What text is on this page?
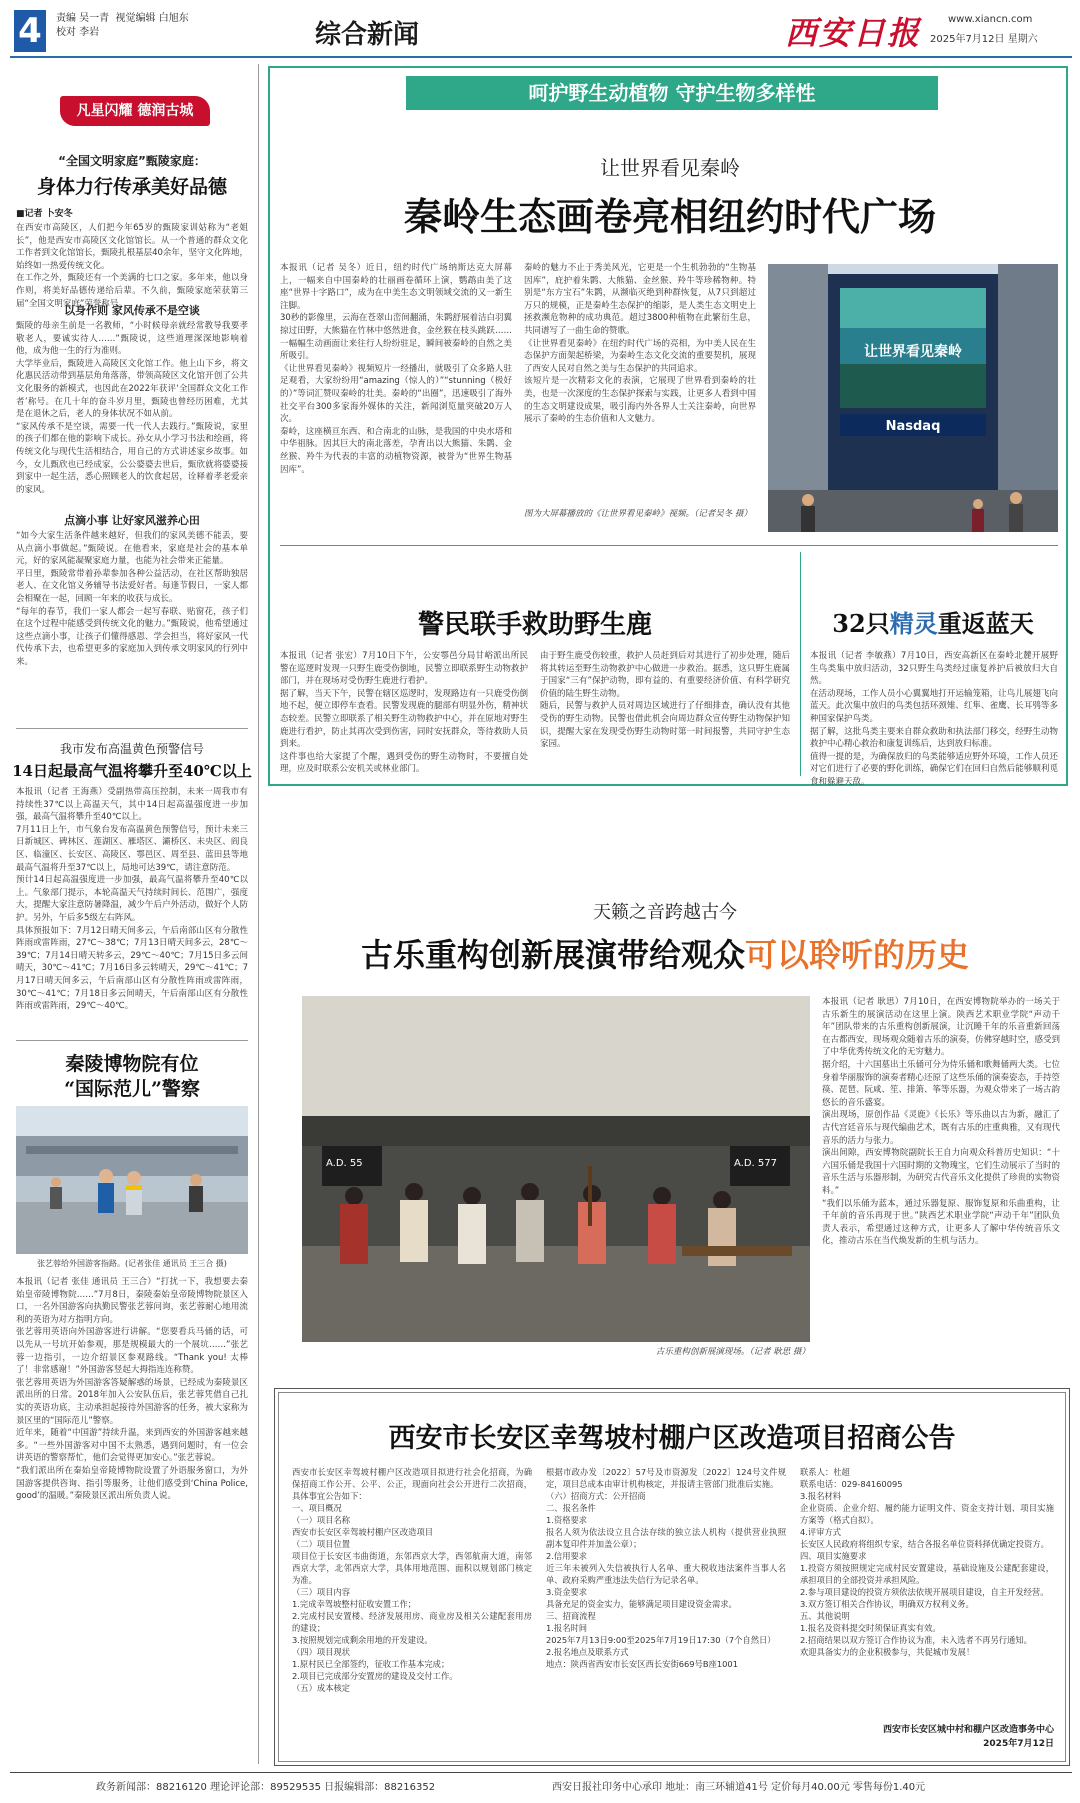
4	责编 吴一青  视觉编辑 白旭东
校对 李岩	综合新闻	西安日报	www.xiancn.com
2025年7月12日 星期六
凡星闪耀 德润古城
“全国文明家庭”甄陵家庭：
身体力行传承美好品德
■记者 卜安冬
在西安市高陵区，人们把今年65岁的甄陵家训姑称为“老姐长”，他是西安市高陵区文化馆馆长。从一个普通的群众文化工作者到文化馆馆长，甄陵扎根基层40余年，坚守文化阵地，始终如一热爱传统文化。
在工作之外，甄陵还有一个美满的七口之家。多年来，他以身作则，将美好品德传递给后辈。不久前，甄陵家庭荣获第三届“全国文明家庭”荣誉称号。
以身作则 家风传承不是空谈
甄陵的母亲生前是一名教师，“小时候母亲就经常教导我要孝敬老人，要诚实待人……”甄陵说，这些道理深深地影响着他，成为他一生的行为准则。
大学毕业后，甄陵进入高陵区文化馆工作。他上山下乡，将文化惠民活动带到基层角角落落，带领高陵区文化馆开创了公共文化服务的新模式，也因此在2022年获评‘全国群众文化工作者’称号。在几十年的奋斗岁月里，甄陵也曾经历困难，尤其是在退休之后，老人的身体状况不如从前。
“家风传承不是空谈，需要一代一代人去践行。”甄陵说，家里的孩子们都在他的影响下成长。孙女从小学习书法和绘画，将传统文化与现代生活相结合，用自己的方式讲述家乡故事。如今，女儿甄欣也已经成家，公公婆婆去世后，甄欣就将婆婆接到家中一起生活，悉心照顾老人的饮食起居，诠释着孝老爱亲的家风。
点滴小事 让好家风滋养心田
“如今大家生活条件越来越好，但我们的家风美德不能丢，要从点滴小事做起。”甄陵说。在他看来，家庭是社会的基本单元，好的家风能凝聚家庭力量，也能为社会带来正能量。
平日里，甄陵常带着孙辈参加各种公益活动，在社区帮助独居老人、在文化馆义务辅导书法爱好者。每逢节假日，一家人都会相聚在一起，回顾一年来的收获与成长。
“每年的春节，我们一家人都会一起写春联、贴窗花，孩子们在这个过程中能感受到传统文化的魅力。”甄陵说，他希望通过这些点滴小事，让孩子们懂得感恩、学会担当，将好家风一代代传承下去，也希望更多的家庭加入到传承文明家风的行列中来。
我市发布高温黄色预警信号
14日起最高气温将攀升至40℃以上
本报讯（记者 王海燕）受副热带高压控制，未来一周我市有持续性37℃以上高温天气，其中14日起高温强度进一步加强，最高气温将攀升至40℃以上。
7月11日上午，市气象台发布高温黄色预警信号，预计未来三日新城区、碑林区、莲湖区、雁塔区、灞桥区、未央区、阎良区、临潼区、长安区、高陵区、鄠邑区、周至县、蓝田县等地最高气温将升至37℃以上，局地可达39℃，请注意防范。
预计14日起高温强度进一步加强，最高气温将攀升至40℃以上。气象部门提示，本轮高温天气持续时间长、范围广，强度大，提醒大家注意防暑降温，减少午后户外活动，做好个人防护。另外，午后多5级左右阵风。
具体预报如下：7月12日晴天间多云，午后南部山区有分散性阵雨或雷阵雨，27℃～38℃；7月13日晴天间多云，28℃～39℃；7月14日晴天转多云，29℃～40℃；7月15日多云间晴天，30℃～41℃；7月16日多云转晴天，29℃～41℃；7月17日晴天间多云，午后南部山区有分散性阵雨或雷阵雨，30℃～41℃；7月18日多云间晴天，午后南部山区有分散性阵雨或雷阵雨，29℃～40℃。
秦陵博物院有位
“国际范儿”警察
张艺蓉给外国游客指路。(记者张佳 通讯员 王三合 摄)
本报讯（记者 张佳 通讯员 王三合）“打扰一下，我想要去秦始皇帝陵博物院……”7月8日，秦陵秦始皇帝陵博物院景区入口，一名外国游客向执勤民警张艺蓉问询，张艺蓉耐心地用流利的英语为对方指明方向。
张艺蓉用英语向外国游客进行讲解。“您要看兵马俑的话，可以先从一号坑开始参观，那是规模最大的一个展坑……”张艺蓉一边指引，一边介绍景区参观路线。“Thank you! 太棒了！非常感谢！”外国游客竖起大拇指连连称赞。
张艺蓉用英语为外国游客答疑解惑的场景，已经成为秦陵景区派出所的日常。2018年加入公安队伍后，张艺蓉凭借自己扎实的英语功底，主动承担起接待外国游客的任务，被大家称为景区里的“国际范儿”警察。
近年来，随着“中国游”持续升温，来到西安的外国游客越来越多。“一些外国游客对中国不太熟悉，遇到问题时，有一位会讲英语的警察帮忙，他们会觉得更加安心。”张艺蓉说。
“我们派出所在秦始皇帝陵博物院设置了外语服务窗口，为外国游客提供咨询、指引等服务，让他们感受到‘China Police, good’的温暖。”秦陵景区派出所负责人说。
呵护野生动植物 守护生物多样性
让世界看见秦岭
秦岭生态画卷亮相纽约时代广场
本报讯（记者 吴冬）近日，纽约时代广场纳斯达克大屏幕上，一幅来自中国秦岭的壮丽画卷循环上演，鹦鹉由美了这座“世界十字路口”，成为在中美生态文明领域交流的又一新生注脚。
30秒的影像里，云海在苍翠山峦间翻涌，朱鹮舒展着洁白羽翼掠过田野，大熊猫在竹林中悠然进食，金丝猴在枝头跳跃……一幅幅生动画面让来往行人纷纷驻足，瞬间被秦岭的自然之美所吸引。
《让世界看见秦岭》视频短片一经播出，就吸引了众多路人驻足观看，大家纷纷用“amazing（惊人的）”“stunning（极好的）”等词汇赞叹秦岭的壮美。秦岭的“出圈”，迅速吸引了海外社交平台300多家海外媒体的关注，新闻浏览量突破20万人次。
秦岭，这座横亘东西、和合南北的山脉，是我国的中央水塔和中华祖脉。因其巨大的南北落差，孕育出以大熊猫、朱鹮、金丝猴、羚牛为代表的丰富的动植物资源，被誉为“世界生物基因库”。
秦岭的魅力不止于秀美风光，它更是一个生机勃勃的“生物基因库”，庇护着朱鹮、大熊猫、金丝猴、羚牛等珍稀物种。特别是“东方宝石”朱鹮，从濒临灭绝到种群恢复，从7只到超过万只的规模，正是秦岭生态保护的缩影，是人类生态文明史上拯救濒危物种的成功典范。超过3800种植物在此繁衍生息，共同谱写了一曲生命的赞歌。
《让世界看见秦岭》在纽约时代广场的亮相，为中美人民在生态保护方面架起桥梁，为秦岭生态文化交流的重要契机，展现了西安人民对自然之美与生态保护的共同追求。
该短片是一次精彩文化的表演，它展现了世界看到秦岭的壮美，也是一次深度的生态保护探索与实践，让更多人看到中国的生态文明建设成果，吸引海内外各界人士关注秦岭，向世界展示了秦岭的生态价值和人文魅力。
图为大屏幕播放的《让世界看见秦岭》视频。（记者吴冬 摄）
让世界看见秦岭
Nasdaq
警民联手救助野生鹿
本报讯（记者 张宏）7月10日下午，公安鄠邑分局甘峪派出所民警在巡逻时发现一只野生鹿受伤倒地，民警立即联系野生动物救护部门，并在现场对受伤野生鹿进行看护。
据了解，当天下午，民警在辖区巡逻时，发现路边有一只鹿受伤倒地不起，便立即停车查看。民警发现鹿的腿部有明显外伤，精神状态较差。民警立即联系了相关野生动物救护中心，并在原地对野生鹿进行看护，防止其再次受到伤害，同时安抚群众，等待救助人员到来。
这件事也给大家提了个醒，遇到受伤的野生动物时，不要擅自处理，应及时联系公安机关或林业部门。
由于野生鹿受伤较重，救护人员赶到后对其进行了初步处理，随后将其转运至野生动物救护中心做进一步救治。据悉，这只野生鹿属于国家“三有”保护动物，即有益的、有重要经济价值、有科学研究价值的陆生野生动物。
随后，民警与救护人员对周边区域进行了仔细排查，确认没有其他受伤的野生动物。民警也借此机会向周边群众宣传野生动物保护知识，提醒大家在发现受伤野生动物时第一时间报警，共同守护生态家园。
32只精灵重返蓝天
本报讯（记者 李敏燕）7月10日，西安高新区在秦岭北麓开展野生鸟类集中放归活动，32只野生鸟类经过康复养护后被放归大自然。
在活动现场，工作人员小心翼翼地打开运输笼箱，让鸟儿展翅飞向蓝天。此次集中放归的鸟类包括环颈雉、红隼、雀鹰、长耳鸮等多种国家保护鸟类。
据了解，这批鸟类主要来自群众救助和执法部门移交，经野生动物救护中心精心救治和康复训练后，达到放归标准。
值得一提的是，为确保放归的鸟类能够适应野外环境，工作人员还对它们进行了必要的野化训练，确保它们在回归自然后能够顺利觅食和躲避天敌。
天籁之音跨越古今
古乐重构创新展演带给观众可以聆听的历史
A.D. 55	A.D. 577
古乐重构创新展演现场。（记者 耿思 摄）
本报讯（记者 耿思）7月10日，在西安博物院举办的一场关于古乐新生的展演活动在这里上演。陕西艺术职业学院“声动千年”团队带来的古乐重构创新展演，让沉睡千年的乐音重新回荡在古都西安，现场观众随着古乐的演奏，仿佛穿越时空，感受到了中华优秀传统文化的无穷魅力。
据介绍，十六国墓出土乐俑可分为侍乐俑和歌舞俑两大类。七位身着华丽服饰的演奏者精心还原了这些乐俑的演奏姿态，手持箜篌、琵琶、阮咸、笙、排箫、筝等乐器，为观众带来了一场古韵悠长的音乐盛宴。
演出现场，原创作品《灵鹿》《长乐》等乐曲以古为新，融汇了古代宫廷音乐与现代编曲艺术，既有古乐的庄重典雅，又有现代音乐的活力与张力。
演出间隙，西安博物院副院长王自力向观众科普历史知识：“十六国乐俑是我国十六国时期的文物瑰宝，它们生动展示了当时的音乐生活与乐器形制，为研究古代音乐文化提供了珍贵的实物资料。”
“我们以乐俑为蓝本，通过乐器复原、服饰复原和乐曲重构，让千年前的音乐再现于世。”陕西艺术职业学院“声动千年”团队负责人表示，希望通过这种方式，让更多人了解中华传统音乐文化，推动古乐在当代焕发新的生机与活力。
西安市长安区幸驾坡村棚户区改造项目招商公告
西安市长安区幸驾坡村棚户区改造项目拟进行社会化招商，为确保招商工作公开、公平、公正，现面向社会公开进行二次招商，具体事宜公告如下：
一、项目概况
（一）项目名称
西安市长安区幸驾坡村棚户区改造项目
（二）项目位置
项目位于长安区韦曲街道，东邻西京大学，西邻航南大道，南邻西京大学，北邻西京大学，具体用地范围、面积以规划部门核定为准。
（三）项目内容
1.完成幸驾坡整村征收安置工作；
2.完成村民安置楼、经济发展用房、商业房及相关公建配套用房的建设；
3.按照规划完成剩余用地的开发建设。
（四）项目现状
1.原村民已全部签约，征收工作基本完成；
2.项目已完成部分安置房的建设及交付工作。
（五）成本核定
根据市政办发〔2022〕57号及市资源发〔2022〕124号文件规定，项目总成本由审计机构核定，并报请主管部门批准后实施。
（六）招商方式：公开招商
二、报名条件
1.资格要求
报名人须为依法设立且合法存续的独立法人机构（提供营业执照副本复印件并加盖公章）；
2.信用要求
近三年未被列入失信被执行人名单、重大税收违法案件当事人名单、政府采购严重违法失信行为记录名单。
3.资金要求
具备充足的资金实力，能够满足项目建设资金需求。
三、招商流程
1.报名时间
2025年7月13日9:00至2025年7月19日17:30（7个自然日）
2.报名地点及联系方式
地点：陕西省西安市长安区西长安街669号B座1001
联系人：杜超
联系电话：029-84160095
3.报名材料
企业资质、企业介绍、履约能力证明文件、资金支持计划、项目实施方案等（格式自拟）。
4.评审方式
长安区人民政府将组织专家，结合各报名单位资料择优确定投资方。
四、项目实施要求
1.投资方须按照规定完成村民安置建设，基础设施及公建配套建设，承担项目的全部投资并承担风险。
2.参与项目建设的投资方须依法依规开展项目建设，自主开发经营。
3.双方签订相关合作协议，明确双方权利义务。
五、其他说明
1.报名及资料提交时须保证真实有效。
2.招商结果以双方签订合作协议为准，未入选者不再另行通知。
欢迎具备实力的企业积极参与，共促城市发展！
西安市长安区城中村和棚户区改造事务中心
2025年7月12日
政务新闻部：88216120 理论评论部：89529535 日报编辑部：88216352	西安日报社印务中心承印 地址：南三环辅道41号 定价每月40.00元 零售每份1.40元
